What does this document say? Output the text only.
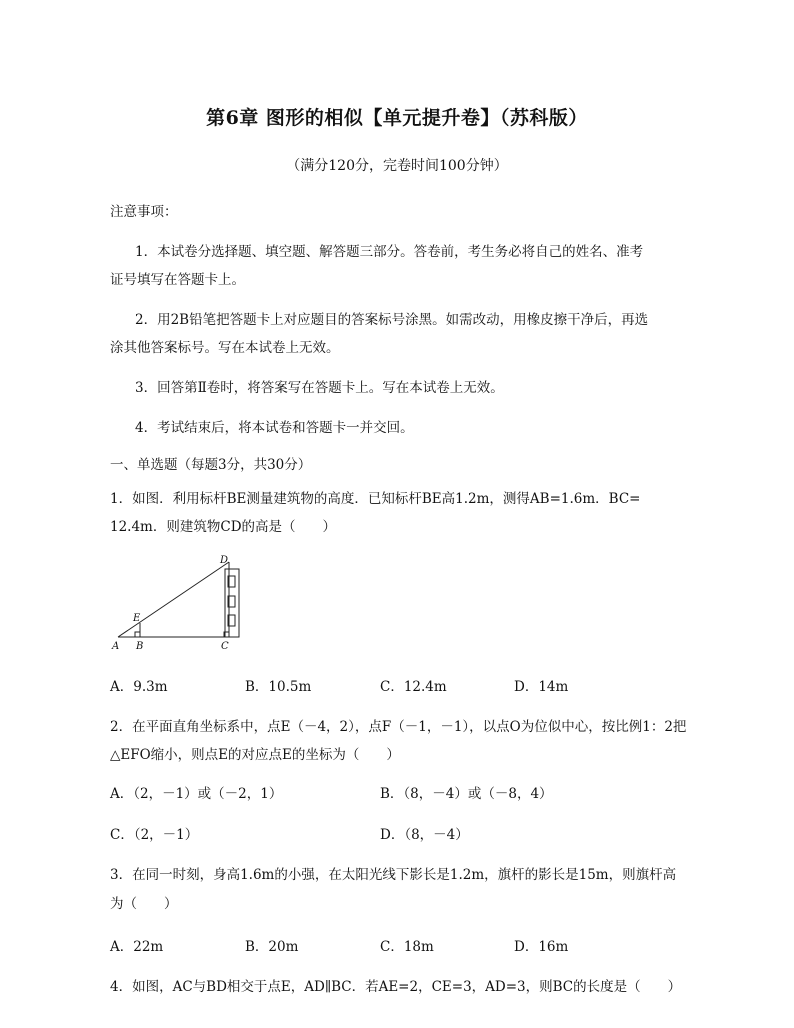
第6章 图形的相似【单元提升卷】（苏科版）
（满分120分，完卷时间100分钟）
注意事项：
1．本试卷分选择题、填空题、解答题三部分。答卷前，考生务必将自己的姓名、准考
证号填写在答题卡上。
2．用2B铅笔把答题卡上对应题目的答案标号涂黑。如需改动，用橡皮擦干净后，再选
涂其他答案标号。写在本试卷上无效。
3．回答第Ⅱ卷时，将答案写在答题卡上。写在本试卷上无效。
4．考试结束后，将本试卷和答题卡一并交回。
一、单选题（每题3分，共30分）
1．如图．利用标杆BE测量建筑物的高度．已知标杆BE高1.2m，测得AB=1.6m．BC=
12.4m．则建筑物CD的高是（　　）
A B	C
D
E
A．9.3m	B．10.5m	C．12.4m	D．14m
2．在平面直角坐标系中，点E（－4，2），点F（－1，－1），以点O为位似中心，按比例1：2把
△EFO缩小，则点E的对应点E的坐标为（　　）
A．（2，－1）或（－2，1）	B．（8，－4）或（－8，4）
C．（2，－1）	D．（8，－4）
3．在同一时刻，身高1.6m的小强，在太阳光线下影长是1.2m，旗杆的影长是15m，则旗杆高
为（　　）
A．22m	B．20m	C．18m	D．16m
4．如图，AC与BD相交于点E，AD∥BC．若AE=2，CE=3，AD=3，则BC的长度是（　　）
